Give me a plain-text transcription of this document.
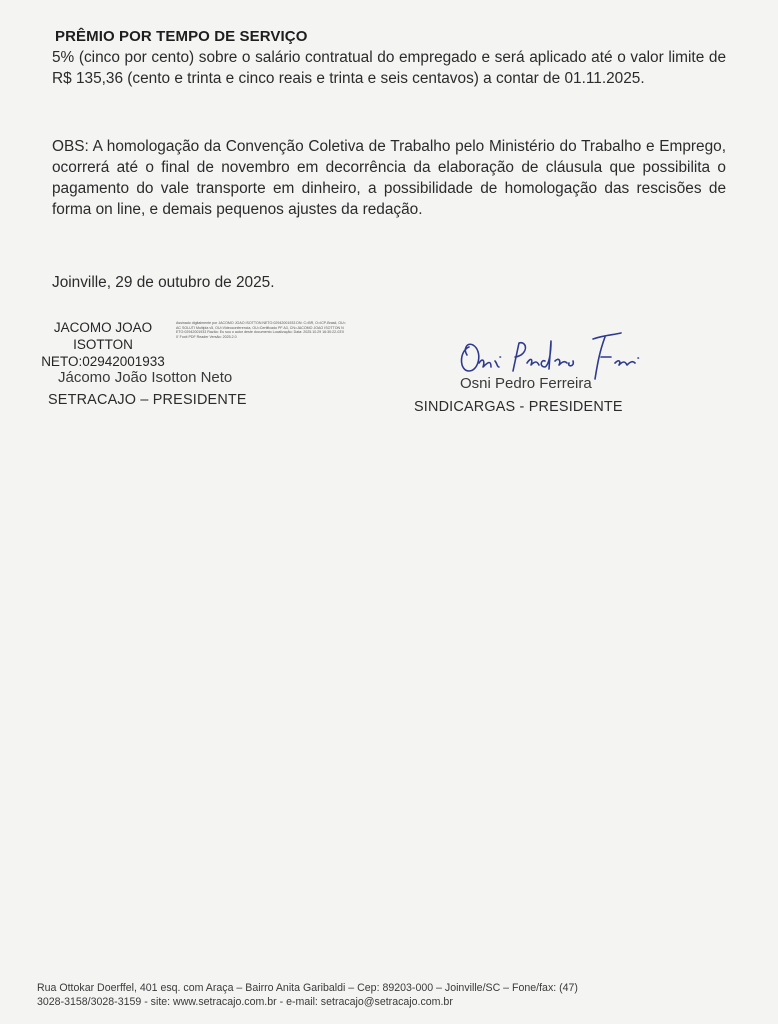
PRÊMIO POR TEMPO DE SERVIÇO
5% (cinco por cento) sobre o salário contratual do empregado e será aplicado até o valor limite de R$ 135,36 (cento e trinta e cinco reais e trinta e seis centavos) a contar de 01.11.2025.
OBS: A homologação da Convenção Coletiva de Trabalho pelo Ministério do Trabalho e Emprego, ocorrerá até o final de novembro em decorrência da elaboração de cláusula que possibilita o pagamento do vale transporte em dinheiro, a possibilidade de homologação das rescisões de forma on line, e demais pequenos ajustes da redação.
Joinville, 29 de outubro de 2025.
JACOMO JOAO
ISOTTON
NETO:02942001933
Assinado digitalmente por JACOMO JOAO ISOTTON NETO:02942001933 DN: C=BR, O=ICP-Brasil, OU=AC SOLUTI Multipla v5, OU=Videoconferencia, OU=Certificado PF A3, CN=JACOMO JOAO ISOTTON NETO:02942001933 Razão: Eu sou o autor deste documento Localização: Data: 2025.10.29 16:30:22-03'00' Foxit PDF Reader Versão: 2025.2.0
Jácomo João Isotton Neto
SETRACAJO – PRESIDENTE
Osni Pedro Ferreira
SINDICARGAS - PRESIDENTE
Rua Ottokar Doerffel, 401 esq. com Araça – Bairro Anita Garibaldi – Cep: 89203-000 – Joinville/SC – Fone/fax: (47)
3028-3158/3028-3159 - site: www.setracajo.com.br - e-mail: setracajo@setracajo.com.br
